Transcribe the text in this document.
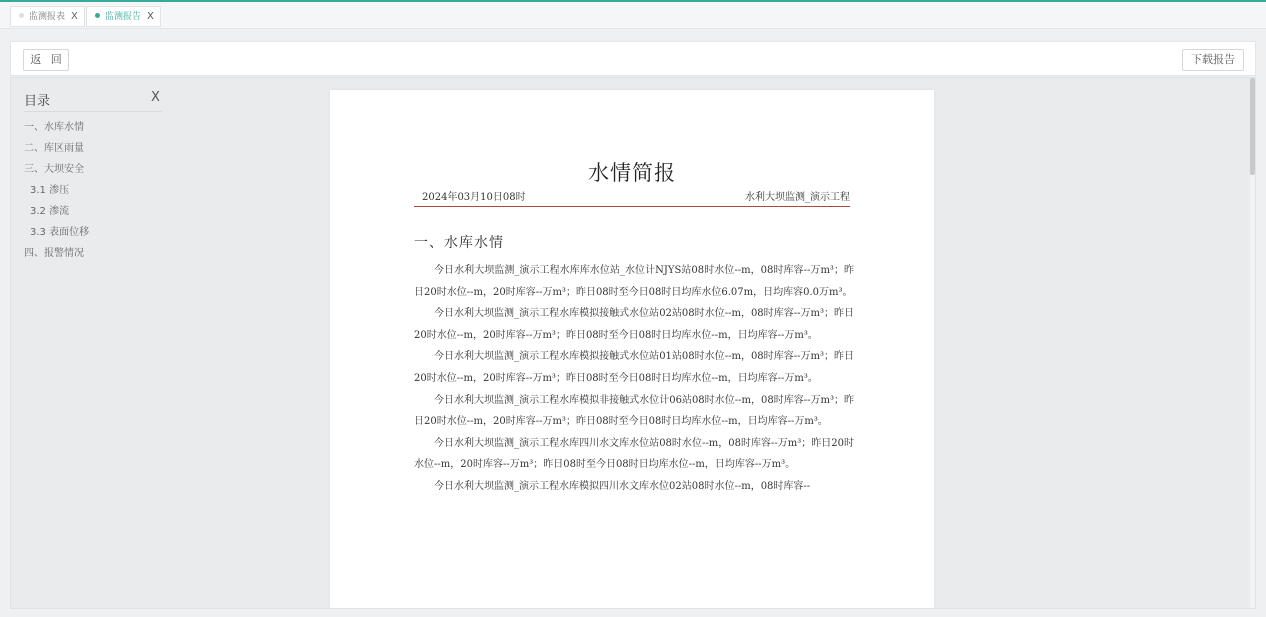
监测报表 X	监测报告 X
返 回	下载报告
目录	X
一、水库水情
二、库区雨量
三、大坝安全
3.1 渗压
3.2 渗流
3.3 表面位移
四、报警情况
水情简报
2024年03月10日08时	水利大坝监测_演示工程
一、水库水情

今日水利大坝监测_演示工程水库库水位站_水位计NJYS站08时水位--m，08时库容--万m³；昨日20时水位--m，20时库容--万m³；昨日08时至今日08时日均库水位6.07m，日均库容0.0万m³。

今日水利大坝监测_演示工程水库模拟接触式水位站02站08时水位--m，08时库容--万m³；昨日20时水位--m，20时库容--万m³；昨日08时至今日08时日均库水位--m，日均库容--万m³。

今日水利大坝监测_演示工程水库模拟接触式水位站01站08时水位--m，08时库容--万m³；昨日20时水位--m，20时库容--万m³；昨日08时至今日08时日均库水位--m，日均库容--万m³。

今日水利大坝监测_演示工程水库模拟非接触式水位计06站08时水位--m，08时库容--万m³；昨日20时水位--m，20时库容--万m³；昨日08时至今日08时日均库水位--m，日均库容--万m³。

今日水利大坝监测_演示工程水库四川水文库水位站08时水位--m，08时库容--万m³；昨日20时水位--m，20时库容--万m³；昨日08时至今日08时日均库水位--m，日均库容--万m³。

今日水利大坝监测_演示工程水库模拟四川水文库水位02站08时水位--m，08时库容--
